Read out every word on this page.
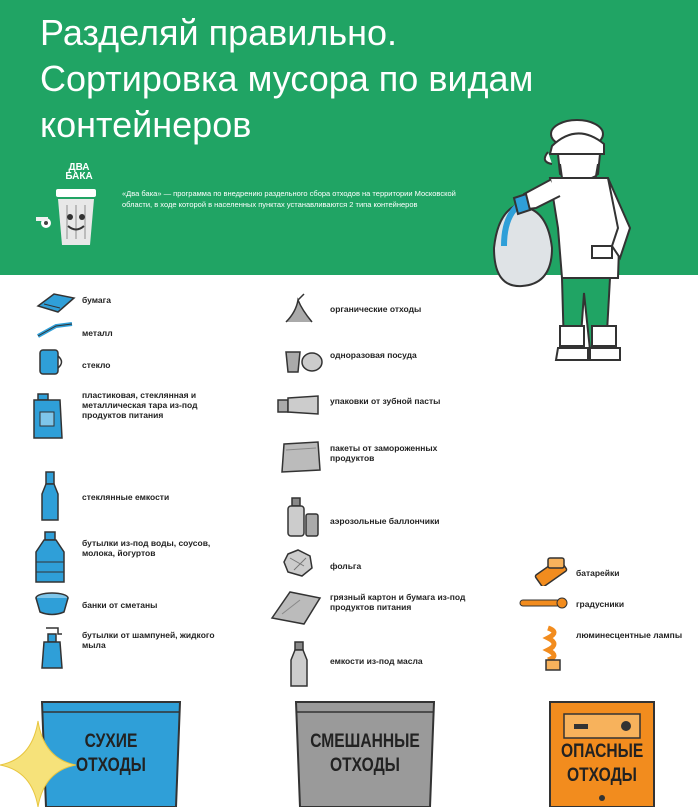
Разделяй правильно.
Сортировка мусора по видам
контейнеров
ДВА БАКА
«Два бака» — программа по внедрению раздельного сбора отходов на территории Московской области, в ходе которой в населенных пунктах устанавливаются 2 типа контейнеров
бумага
металл
стекло
пластиковая, стеклянная и металлическая тара из-под продуктов питания
стеклянные емкости
бутылки из-под воды, соусов, молока, йогуртов
банки от сметаны
бутылки от шампуней, жидкого мыла
органические отходы
одноразовая посуда
упаковки от зубной пасты
пакеты от замороженных продуктов
аэрозольные баллончики
фольга
грязный картон и бумага из-под продуктов питания
емкости из-под масла
батарейки
градусники
люминесцентные лампы
СУХИЕ ОТХОДЫ
СМЕШАННЫЕ ОТХОДЫ
ОПАСНЫЕ ОТХОДЫ
